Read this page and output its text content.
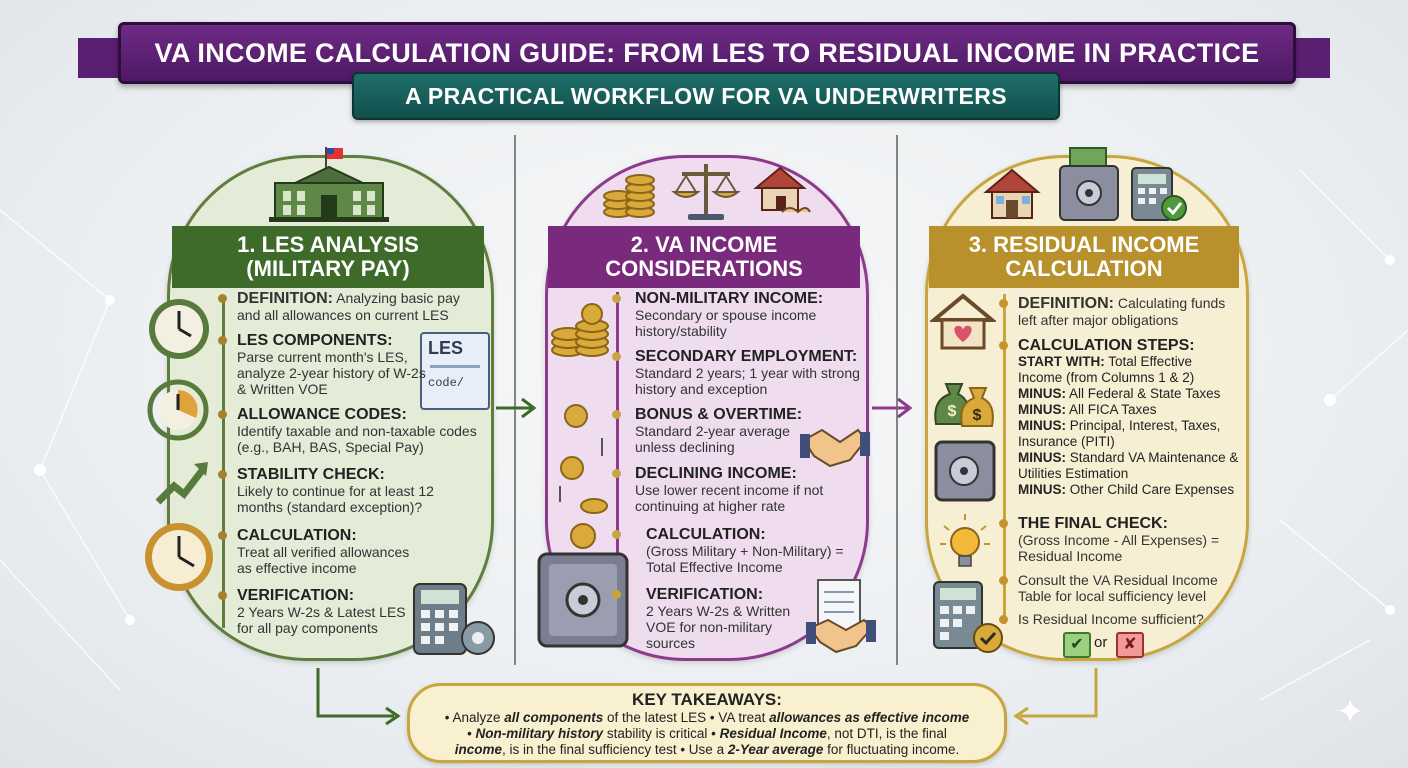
VA INCOME CALCULATION GUIDE: FROM LES TO RESIDUAL INCOME IN PRACTICE
A PRACTICAL WORKFLOW FOR VA UNDERWRITERS
1. LES ANALYSIS
(MILITARY PAY)
LES
code/
DEFINITION: Analyzing basic pay
and all allowances on current LES
LES COMPONENTS:
Parse current month's LES, analyze 2-year history of W-2s & Written VOE
ALLOWANCE CODES:
Identify taxable and non-taxable codes (e.g., BAH, BAS, Special Pay)
STABILITY CHECK:
Likely to continue for at least 12 months (standard exception)?
CALCULATION:
Treat all verified allowances as effective income
VERIFICATION:
2 Years W-2s & Latest LES for all pay components
2. VA INCOME
CONSIDERATIONS
NON-MILITARY INCOME:
Secondary or spouse income history/stability
SECONDARY EMPLOYMENT:
Standard 2 years; 1 year with strong history and exception
BONUS & OVERTIME:
Standard 2-year average unless declining
DECLINING INCOME:
Use lower recent income if not continuing at higher rate
CALCULATION:
(Gross Military + Non-Military) = Total Effective Income
VERIFICATION:
2 Years W-2s & Written VOE for non-military sources
3. RESIDUAL INCOME
CALCULATION
$ $
DEFINITION: Calculating funds
left after major obligations
CALCULATION STEPS:
START WITH: Total Effective Income (from Columns 1 & 2)
MINUS: All Federal & State Taxes
MINUS: All FICA Taxes
MINUS: Principal, Interest, Taxes, Insurance (PITI)
MINUS: Standard VA Maintenance & Utilities Estimation
MINUS: Other Child Care Expenses
THE FINAL CHECK:
(Gross Income - All Expenses) = Residual Income
Consult the VA Residual Income Table for local sufficiency level
Is Residual Income sufficient?
✔ or ✘
KEY TAKEAWAYS:
• Analyze all components of the latest LES • VA treat allowances as effective income
• Non-military history stability is critical • Residual Income, not DTI, is the final
income, is in the final sufficiency test • Use a 2-Year average for fluctuating income.
✦
